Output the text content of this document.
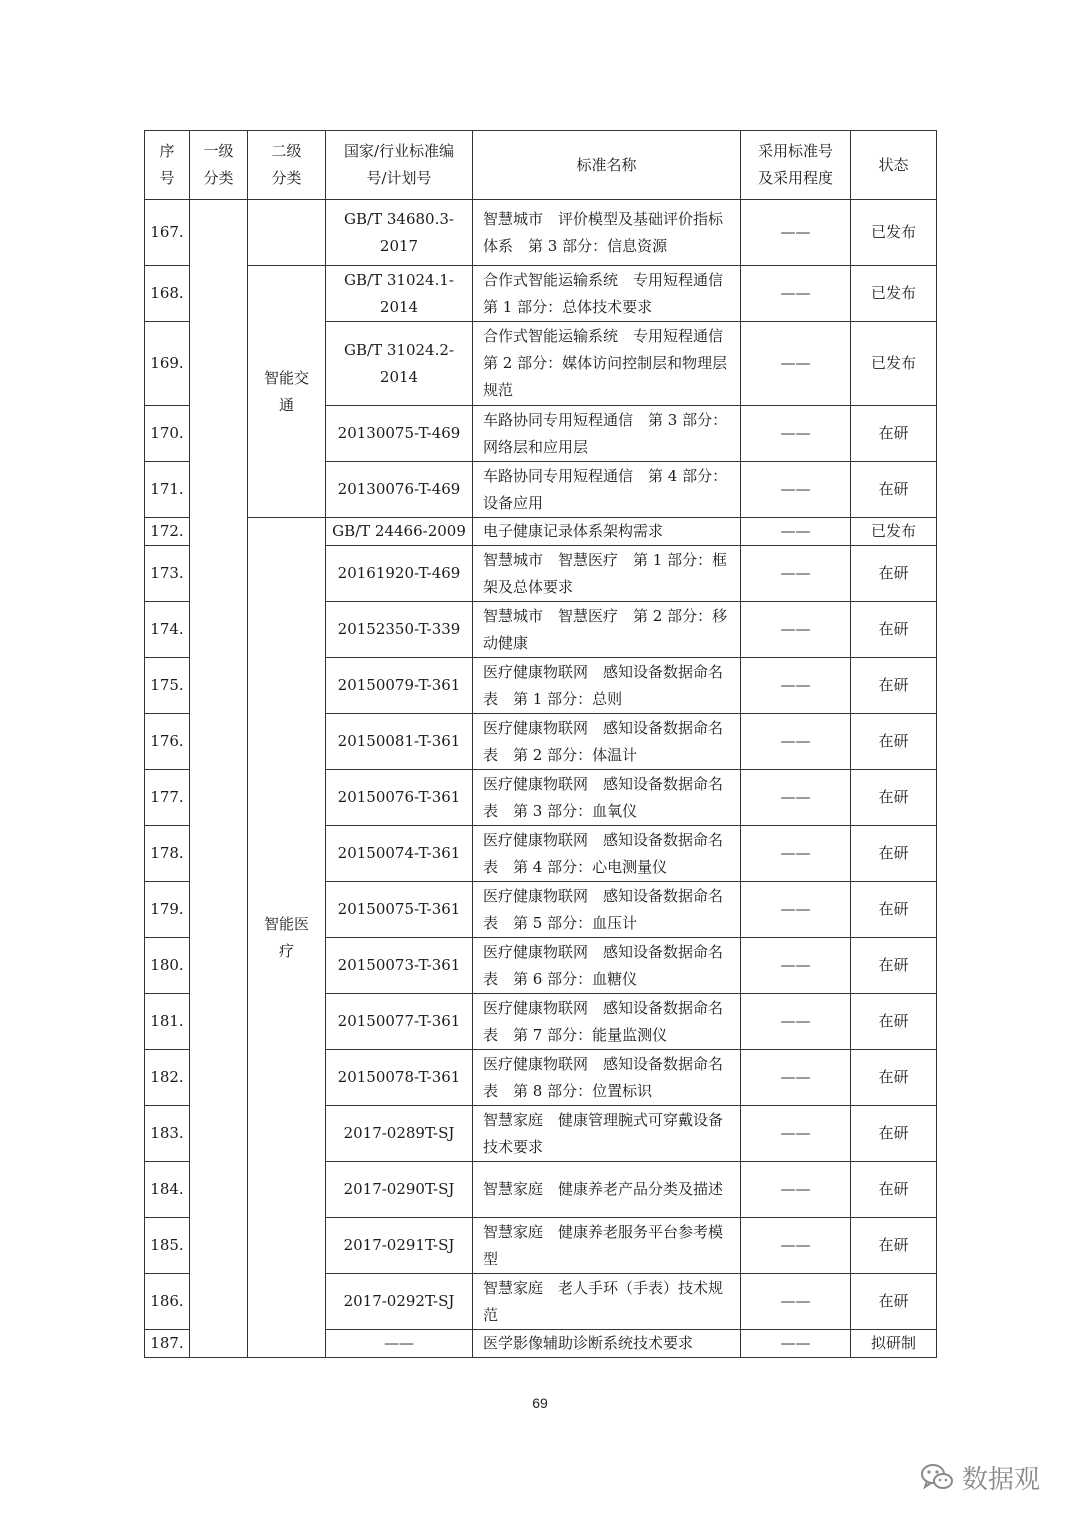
序号	一级分类	二级分类	国家/行业标准编号/计划号	标准名称	采用标准号及采用程度	状态
167.			GB/T 34680.3-2017	智慧城市　评价模型及基础评价指标体系　第 3 部分：信息资源	——	已发布
168.		智能交通	GB/T 31024.1-2014	合作式智能运输系统　专用短程通信　第 1 部分：总体技术要求	——	已发布
169.			GB/T 31024.2-2014	合作式智能运输系统　专用短程通信　第 2 部分：媒体访问控制层和物理层规范	——	已发布
170.			20130075-T-469	车路协同专用短程通信　第 3 部分：网络层和应用层	——	在研
171.			20130076-T-469	车路协同专用短程通信　第 4 部分：设备应用	——	在研
172.		智能医疗	GB/T 24466-2009	电子健康记录体系架构需求	——	已发布
173.			20161920-T-469	智慧城市　智慧医疗　第 1 部分：框架及总体要求	——	在研
174.			20152350-T-339	智慧城市　智慧医疗　第 2 部分：移动健康	——	在研
175.			20150079-T-361	医疗健康物联网　感知设备数据命名表　第 1 部分：总则	——	在研
176.			20150081-T-361	医疗健康物联网　感知设备数据命名表　第 2 部分：体温计	——	在研
177.			20150076-T-361	医疗健康物联网　感知设备数据命名表　第 3 部分：血氧仪	——	在研
178.			20150074-T-361	医疗健康物联网　感知设备数据命名表　第 4 部分：心电测量仪	——	在研
179.			20150075-T-361	医疗健康物联网　感知设备数据命名表　第 5 部分：血压计	——	在研
180.			20150073-T-361	医疗健康物联网　感知设备数据命名表　第 6 部分：血糖仪	——	在研
181.			20150077-T-361	医疗健康物联网　感知设备数据命名表　第 7 部分：能量监测仪	——	在研
182.			20150078-T-361	医疗健康物联网　感知设备数据命名表　第 8 部分：位置标识	——	在研
183.			2017-0289T-SJ	智慧家庭　健康管理腕式可穿戴设备技术要求	——	在研
184.			2017-0290T-SJ	智慧家庭　健康养老产品分类及描述	——	在研
185.			2017-0291T-SJ	智慧家庭　健康养老服务平台参考模型	——	在研
186.			2017-0292T-SJ	智慧家庭　老人手环（手表）技术规范	——	在研
187.			——	医学影像辅助诊断系统技术要求	——	拟研制
69
数据观
